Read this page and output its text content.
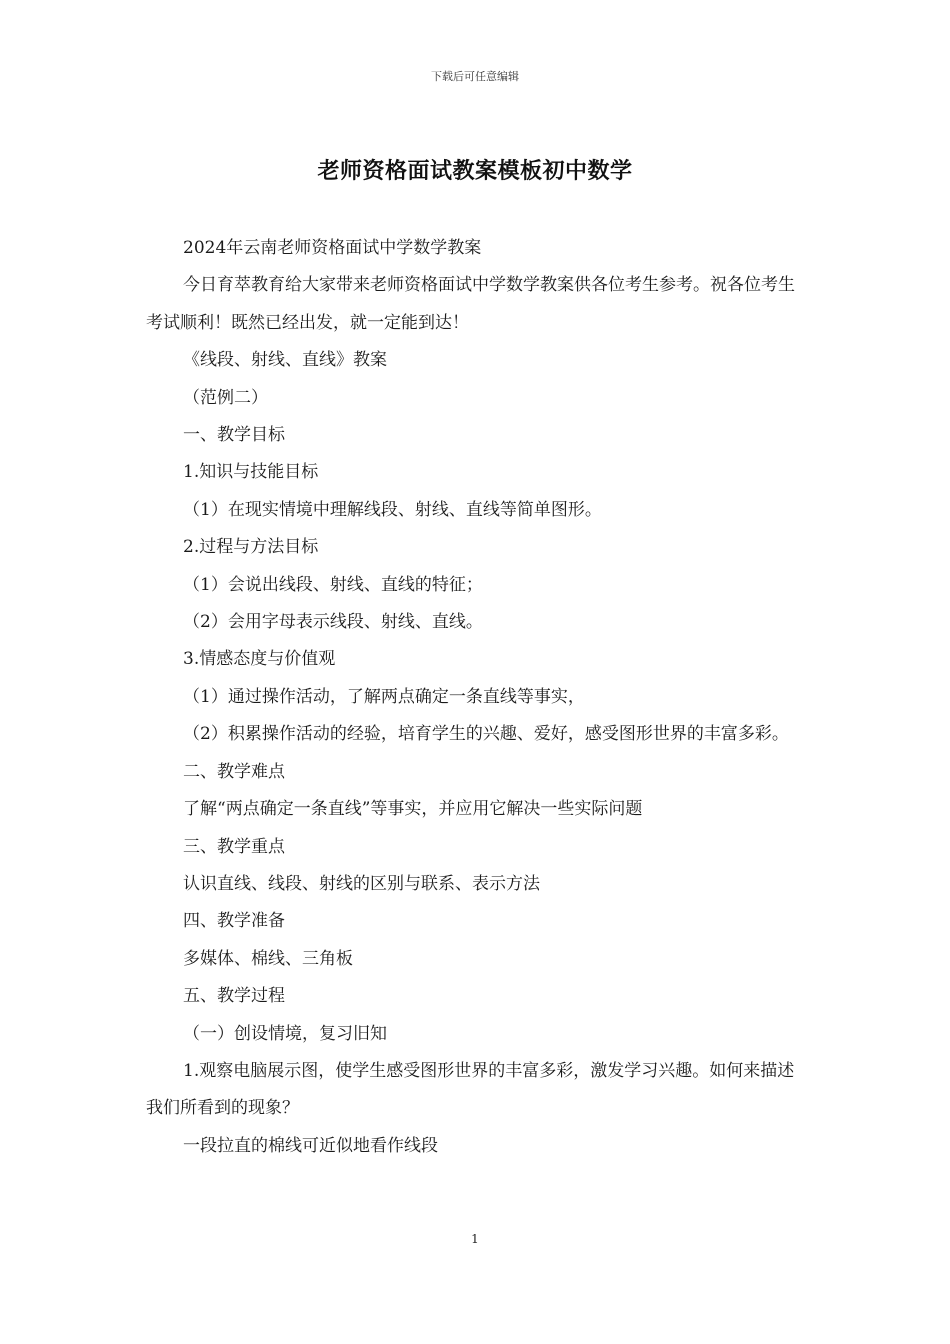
下载后可任意编辑
老师资格面试教案模板初中数学

2024年云南老师资格面试中学数学教案

今日育萃教育给大家带来老师资格面试中学数学教案供各位考生参考。祝各位考生考试顺利！既然已经出发，就一定能到达！

《线段、射线、直线》教案

（范例二）

一、教学目标

1.知识与技能目标

（1）在现实情境中理解线段、射线、直线等简单图形。

2.过程与方法目标

（1）会说出线段、射线、直线的特征；

（2）会用字母表示线段、射线、直线。

3.情感态度与价值观

（1）通过操作活动，了解两点确定一条直线等事实，

（2）积累操作活动的经验，培育学生的兴趣、爱好，感受图形世界的丰富多彩。

二、教学难点

了解“两点确定一条直线”等事实，并应用它解决一些实际问题

三、教学重点

认识直线、线段、射线的区别与联系、表示方法

四、教学准备

多媒体、棉线、三角板

五、教学过程

（一）创设情境，复习旧知

1.观察电脑展示图，使学生感受图形世界的丰富多彩，激发学习兴趣。如何来描述我们所看到的现象？

一段拉直的棉线可近似地看作线段

1
